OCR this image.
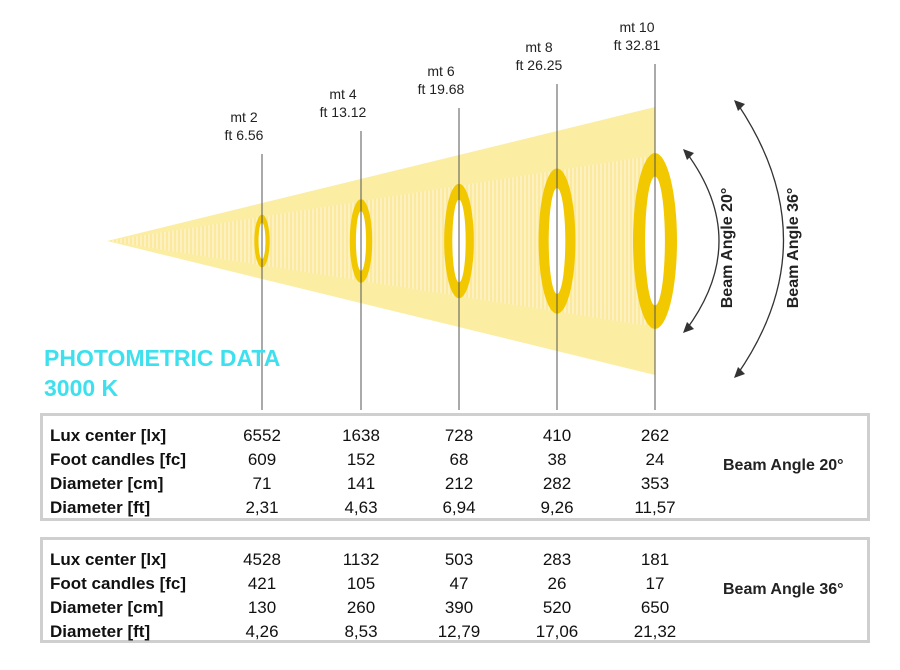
mt 2
ft 6.56
mt 4
ft 13.12
mt 6
ft 19.68
mt 8
ft 26.25
mt 10
ft 32.81
Beam Angle 20°	Beam Angle 36°
PHOTOMETRIC DATA
3000 K
Lux center [lx]	6552	1638	728	410	262
Foot candles [fc]	609	152	68	38	24
Diameter [cm]	71	141	212	282	353
Diameter [ft]	2,31	4,63	6,94	9,26	11,57
Beam Angle 20°
Lux center [lx]	4528	1132	503	283	181
Foot candles [fc]	421	105	47	26	17
Diameter [cm]	130	260	390	520	650
Diameter [ft]	4,26	8,53	12,79	17,06	21,32
Beam Angle 36°
